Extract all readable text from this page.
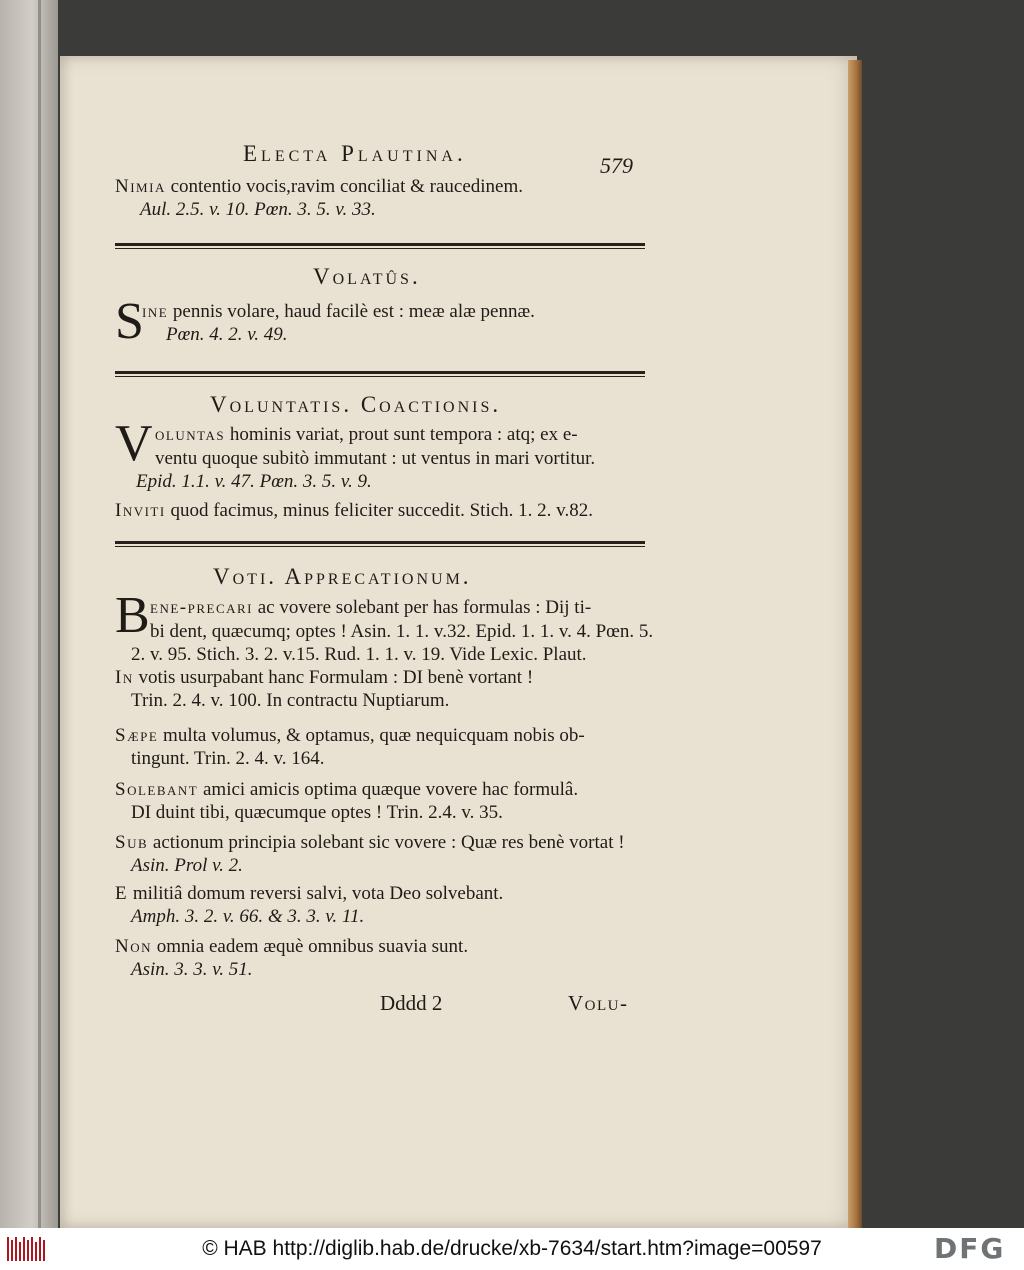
Electa Plautina.	579
Nimia contentio vocis,ravim conciliat & raucedinem.
Aul. 2.5. v. 10. Pœn. 3. 5. v. 33.
Volatûs.
S
ine pennis volare, haud facilè est : meæ alæ pennæ.
Pœn. 4. 2. v. 49.
Voluntatis. Coactionis.
V oluntas hominis variat, prout sunt tempora : atq; ex e-
ventu quoque subitò immutant : ut ventus in mari vortitur.
Epid. 1.1. v. 47. Pœn. 3. 5. v. 9.
Inviti quod facimus, minus feliciter succedit. Stich. 1. 2. v.82.
Voti. Apprecationum.
B ene-precari ac vovere solebant per has formulas : Dij ti-
bi dent, quæcumq; optes ! Asin. 1. 1. v.32. Epid. 1. 1. v. 4. Pœn. 5.
2. v. 95. Stich. 3. 2. v.15. Rud. 1. 1. v. 19. Vide Lexic. Plaut.
In votis usurpabant hanc Formulam : DI benè vortant !
Trin. 2. 4. v. 100. In contractu Nuptiarum.
Sæpe multa volumus, & optamus, quæ nequicquam nobis ob-
tingunt. Trin. 2. 4. v. 164.
Solebant amici amicis optima quæque vovere hac formulâ.
DI duint tibi, quæcumque optes ! Trin. 2.4. v. 35.
Sub actionum principia solebant sic vovere : Quæ res benè vortat !
Asin. Prol v. 2.
E militiâ domum reversi salvi, vota Deo solvebant.
Amph. 3. 2. v. 66. & 3. 3. v. 11.
Non omnia eadem æquè omnibus suavia sunt.
Asin. 3. 3. v. 51.
Dddd 2	Volu-
© HAB http://diglib.hab.de/drucke/xb-7634/start.htm?image=00597	DFG
